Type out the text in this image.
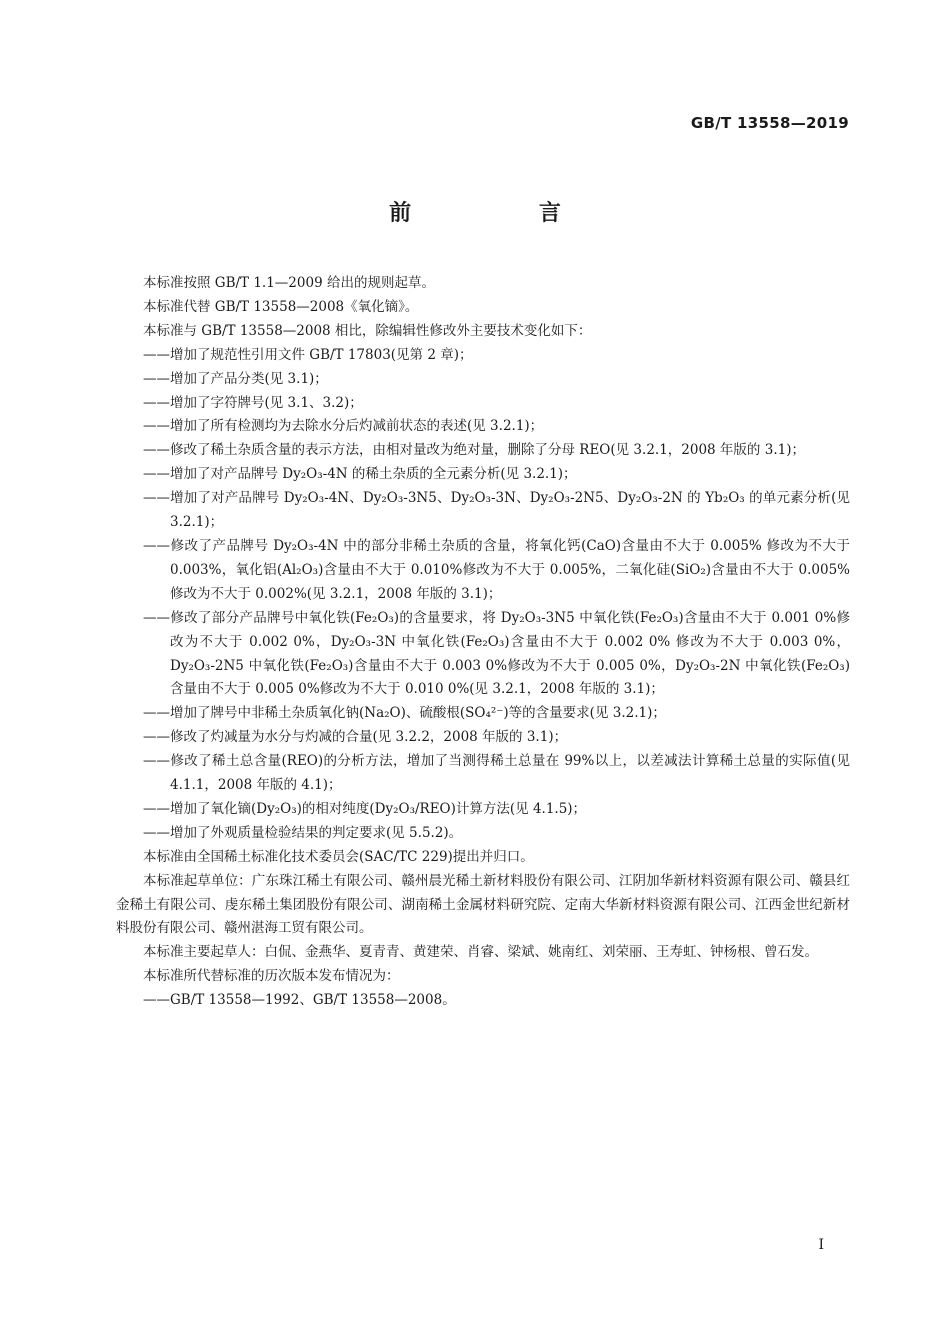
GB/T 13558—2019
前 言
本标准按照 GB/T 1.1—2009 给出的规则起草。
本标准代替 GB/T 13558—2008《氧化镝》。
本标准与 GB/T 13558—2008 相比，除编辑性修改外主要技术变化如下：
——增加了规范性引用文件 GB/T 17803(见第 2 章)；
——增加了产品分类(见 3.1)；
——增加了字符牌号(见 3.1、3.2)；
——增加了所有检测均为去除水分后灼减前状态的表述(见 3.2.1)；
——修改了稀土杂质含量的表示方法，由相对量改为绝对量，删除了分母 REO(见 3.2.1，2008 年版的 3.1)；
——增加了对产品牌号 Dy₂O₃-4N 的稀土杂质的全元素分析(见 3.2.1)；
——增加了对产品牌号 Dy₂O₃-4N、Dy₂O₃-3N5、Dy₂O₃-3N、Dy₂O₃-2N5、Dy₂O₃-2N 的 Yb₂O₃ 的单元素分析(见 3.2.1)；
——修改了产品牌号 Dy₂O₃-4N 中的部分非稀土杂质的含量，将氧化钙(CaO)含量由不大于 0.005% 修改为不大于 0.003%，氧化铝(Al₂O₃)含量由不大于 0.010%修改为不大于 0.005%，二氧化硅(SiO₂)含量由不大于 0.005%修改为不大于 0.002%(见 3.2.1，2008 年版的 3.1)；
——修改了部分产品牌号中氧化铁(Fe₂O₃)的含量要求，将 Dy₂O₃-3N5 中氧化铁(Fe₂O₃)含量由不大于 0.001 0%修改为不大于 0.002 0%，Dy₂O₃-3N 中氧化铁(Fe₂O₃)含量由不大于 0.002 0% 修改为不大于 0.003 0%，Dy₂O₃-2N5 中氧化铁(Fe₂O₃)含量由不大于 0.003 0%修改为不大于 0.005 0%，Dy₂O₃-2N 中氧化铁(Fe₂O₃)含量由不大于 0.005 0%修改为不大于 0.010 0%(见 3.2.1，2008 年版的 3.1)；
——增加了牌号中非稀土杂质氧化钠(Na₂O)、硫酸根(SO₄²⁻)等的含量要求(见 3.2.1)；
——修改了灼减量为水分与灼减的合量(见 3.2.2，2008 年版的 3.1)；
——修改了稀土总含量(REO)的分析方法，增加了当测得稀土总量在 99%以上，以差减法计算稀土总量的实际值(见 4.1.1，2008 年版的 4.1)；
——增加了氧化镝(Dy₂O₃)的相对纯度(Dy₂O₃/REO)计算方法(见 4.1.5)；
——增加了外观质量检验结果的判定要求(见 5.5.2)。
本标准由全国稀土标准化技术委员会(SAC/TC 229)提出并归口。
本标准起草单位：广东珠江稀土有限公司、赣州晨光稀土新材料股份有限公司、江阴加华新材料资源有限公司、赣县红金稀土有限公司、虔东稀土集团股份有限公司、湖南稀土金属材料研究院、定南大华新材料资源有限公司、江西金世纪新材料股份有限公司、赣州湛海工贸有限公司。
本标准主要起草人：白侃、金燕华、夏青青、黄建荣、肖睿、梁斌、姚南红、刘荣丽、王寿虹、钟杨根、曾石发。
本标准所代替标准的历次版本发布情况为：
——GB/T 13558—1992、GB/T 13558—2008。
I
